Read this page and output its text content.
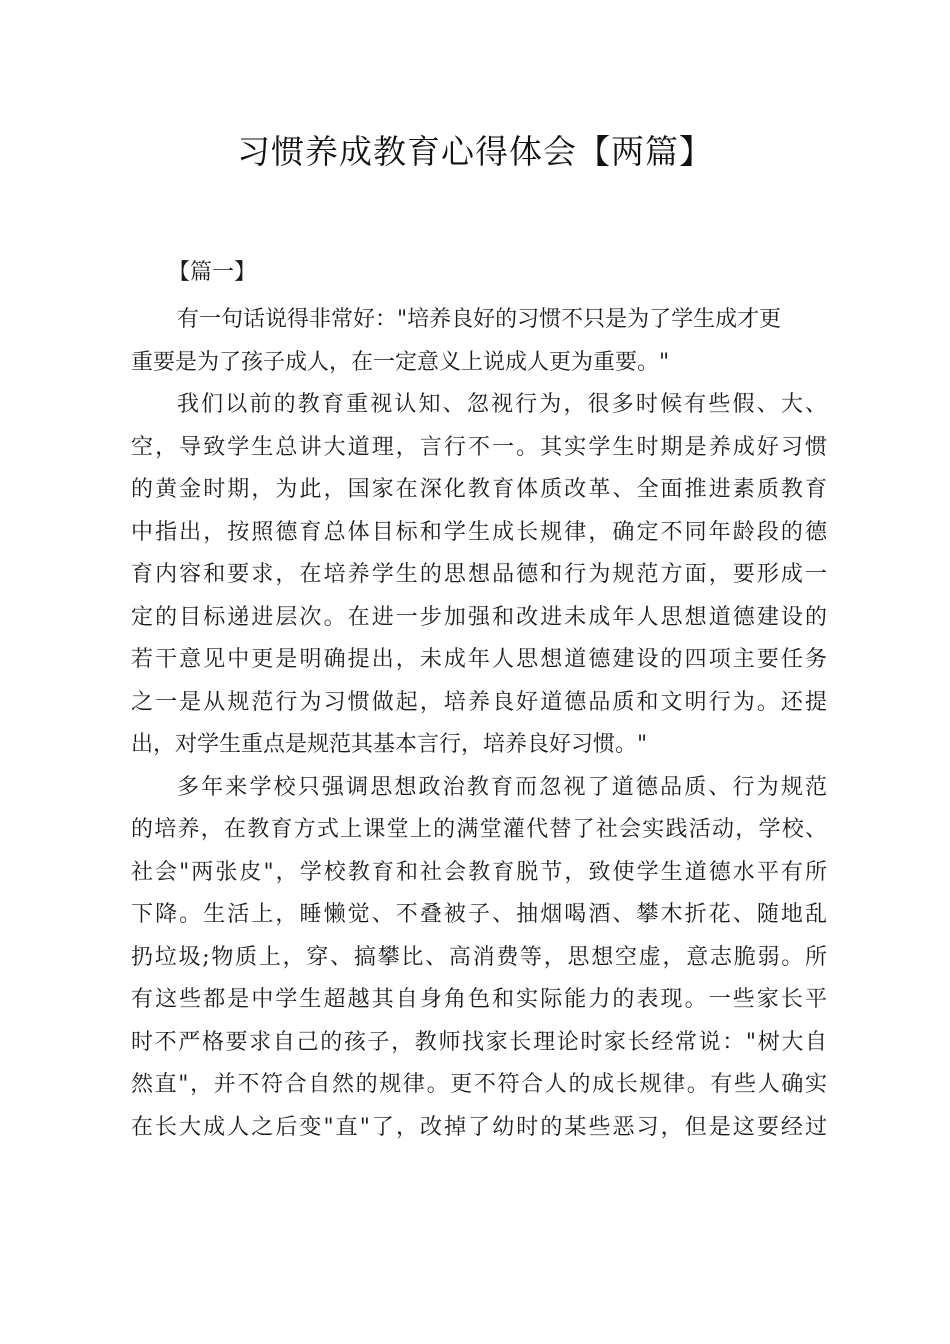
习惯养成教育心得体会【两篇】
【篇一】
有一句话说得非常好："培养良好的习惯不只是为了学生成才更
重要是为了孩子成人，在一定意义上说成人更为重要。"
我们以前的教育重视认知、忽视行为，很多时候有些假、大、
空，导致学生总讲大道理，言行不一。其实学生时期是养成好习惯
的黄金时期，为此，国家在深化教育体质改革、全面推进素质教育
中指出，按照德育总体目标和学生成长规律，确定不同年龄段的德
育内容和要求，在培养学生的思想品德和行为规范方面，要形成一
定的目标递进层次。在进一步加强和改进未成年人思想道德建设的
若干意见中更是明确提出，未成年人思想道德建设的四项主要任务
之一是从规范行为习惯做起，培养良好道德品质和文明行为。还提
出，对学生重点是规范其基本言行，培养良好习惯。"
多年来学校只强调思想政治教育而忽视了道德品质、行为规范
的培养，在教育方式上课堂上的满堂灌代替了社会实践活动，学校、
社会"两张皮"，学校教育和社会教育脱节，致使学生道德水平有所
下降。生活上，睡懒觉、不叠被子、抽烟喝酒、攀木折花、随地乱
扔垃圾;物质上，穿、搞攀比、高消费等，思想空虚，意志脆弱。所
有这些都是中学生超越其自身角色和实际能力的表现。一些家长平
时不严格要求自己的孩子，教师找家长理论时家长经常说："树大自
然直"，并不符合自然的规律。更不符合人的成长规律。有些人确实
在长大成人之后变"直"了，改掉了幼时的某些恶习，但是这要经过
